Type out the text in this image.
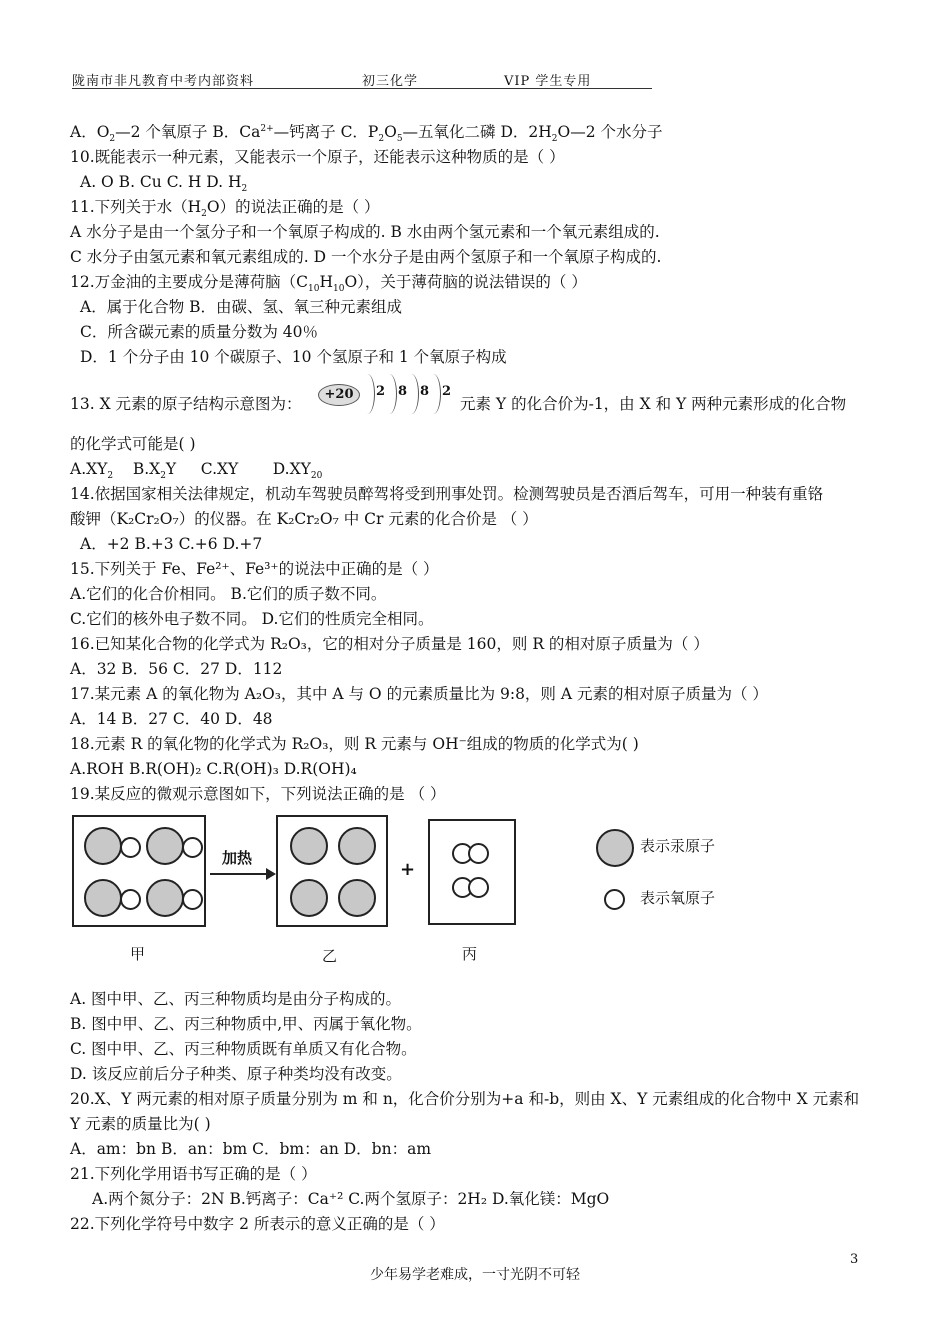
陇南市非凡教育中考内部资料	初三化学	VIP 学生专用
A．$O_2—2$ 个氧原子 B．$Ca^{2+}—$钙离子 C．$P_2O_5—$五氧化二磷 D．$2H_2O—2$ 个水分子
10.既能表示一种元素，又能表示一个原子，还能表示这种物质的是（ ）
A. O B. Cu C. H D. $H_2$
11.下列关于水$(H_2O)$的说法正确的是（ ）
A 水分子是由一个氢分子和一个氧原子构成的. B 水由两个氢元素和一个氧元素组成的.
C 水分子由氢元素和氧元素组成的. D 一个水分子是由两个氢原子和一个氧原子构成的.
12.万金油的主要成分是薄荷脑$(C_{10}H_{10}O)$，关于薄荷脑的说法错误的（ ）
A．属于化合物 B．由碳、氢、氧三种元素组成
C．所含碳元素的质量分数为 40％
D．1 个分子由 10 个碳原子、10 个氢原子和 1 个氧原子构成
13. X 元素的原子结构示意图为：
+20	2 8 8 2
元素 Y 的化合价为-1，由 X 和 Y 两种元素形成的化合物
的化学式可能是( )
$A.XY_2$    $B.X_2Y$     C.XY       $D.XY_{20}$
14.依据国家相关法律规定，机动车驾驶员醉驾将受到刑事处罚。检测驾驶员是否酒后驾车，可用一种装有重铬
酸钾（K₂Cr₂O₇）的仪器。在 K₂Cr₂O₇ 中 Cr 元素的化合价是 （ ）
A．+2 B.+3 C.+6 D.+7
15.下列关于 Fe、Fe²⁺、Fe³⁺的说法中正确的是（ ）
A.它们的化合价相同。 B.它们的质子数不同。
C.它们的核外电子数不同。 D.它们的性质完全相同。
16.已知某化合物的化学式为 R₂O₃，它的相对分子质量是 160，则 R 的相对原子质量为（ ）
A．32 B．56 C．27 D．112
17.某元素 A 的氧化物为 A₂O₃，其中 A 与 O 的元素质量比为 9:8，则 A 元素的相对原子质量为（ ）
A．14 B．27 C．40 D．48
18.元素 R 的氧化物的化学式为 R₂O₃，则 R 元素与 OH⁻组成的物质的化学式为( )
A.ROH B.R(OH)₂ C.R(OH)₃ D.R(OH)₄
19.某反应的微观示意图如下，下列说法正确的是 （ ）
加热
+
表示汞原子
表示氧原子
甲	乙	丙
A. 图中甲、乙、丙三种物质均是由分子构成的。
B. 图中甲、乙、丙三种物质中,甲、丙属于氧化物。
C. 图中甲、乙、丙三种物质既有单质又有化合物。
D. 该反应前后分子种类、原子种类均没有改变。
20.X、Y 两元素的相对原子质量分别为 m 和 n，化合价分别为+a 和-b，则由 X、Y 元素组成的化合物中 X 元素和
Y 元素的质量比为( )
A．am：bn B．an：bm C．bm：an D．bn：am
21.下列化学用语书写正确的是（ ）
A.两个氮分子：2N B.钙离子：Ca⁺² C.两个氢原子：2H₂ D.氧化镁：MgO
22.下列化学符号中数字 2 所表示的意义正确的是（ ）
3
少年易学老难成，一寸光阴不可轻
